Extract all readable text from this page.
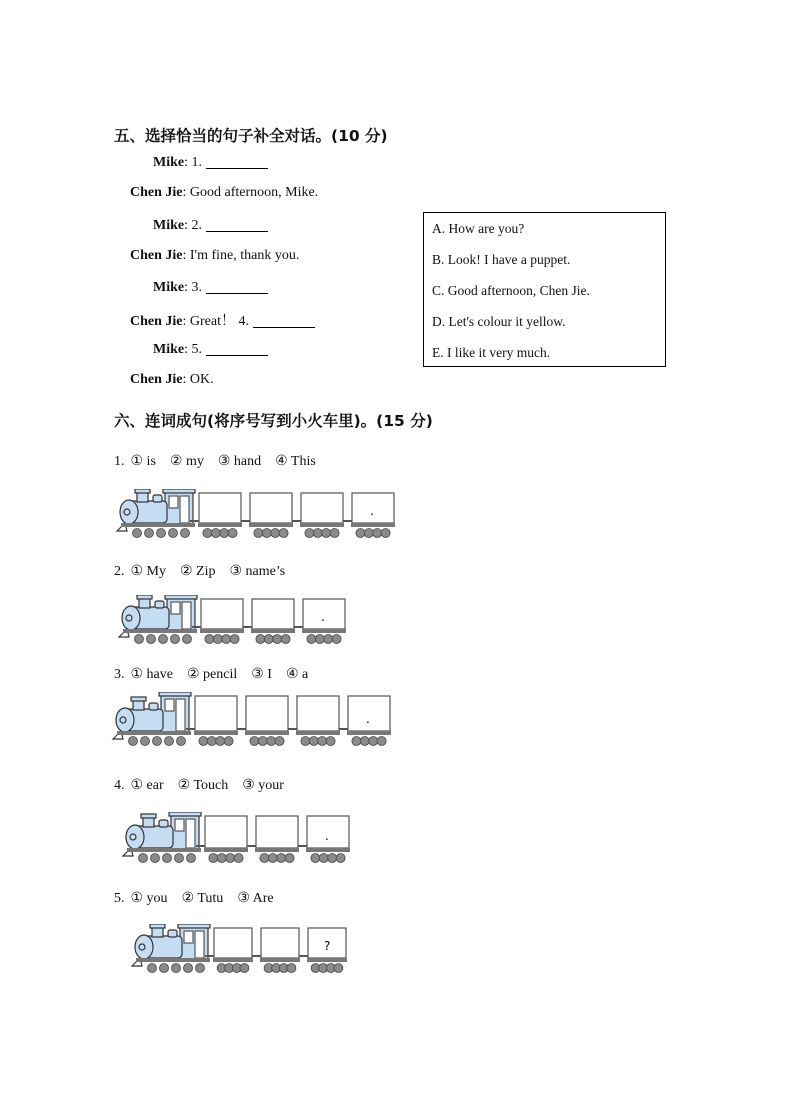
五、选择恰当的句子补全对话。(10 分)
Mike: 1.
Chen Jie: Good afternoon, Mike.
Mike: 2.
Chen Jie: I'm fine, thank you.
Mike: 3.
Chen Jie: Great！ 4.
Mike: 5.
Chen Jie: OK.
A. How are you?
B. Look! I have a puppet.
C. Good afternoon, Chen Jie.
D. Let's colour it yellow.
E. I like it very much.
六、连词成句(将序号写到小火车里)。(15 分)
1. ① is ② my ③ hand ④ This
.
2. ① My ② Zip ③ name’s
.
3. ① have ② pencil ③ I ④ a
.
4. ① ear ② Touch ③ your
.
5. ① you ② Tutu ③ Are
?
